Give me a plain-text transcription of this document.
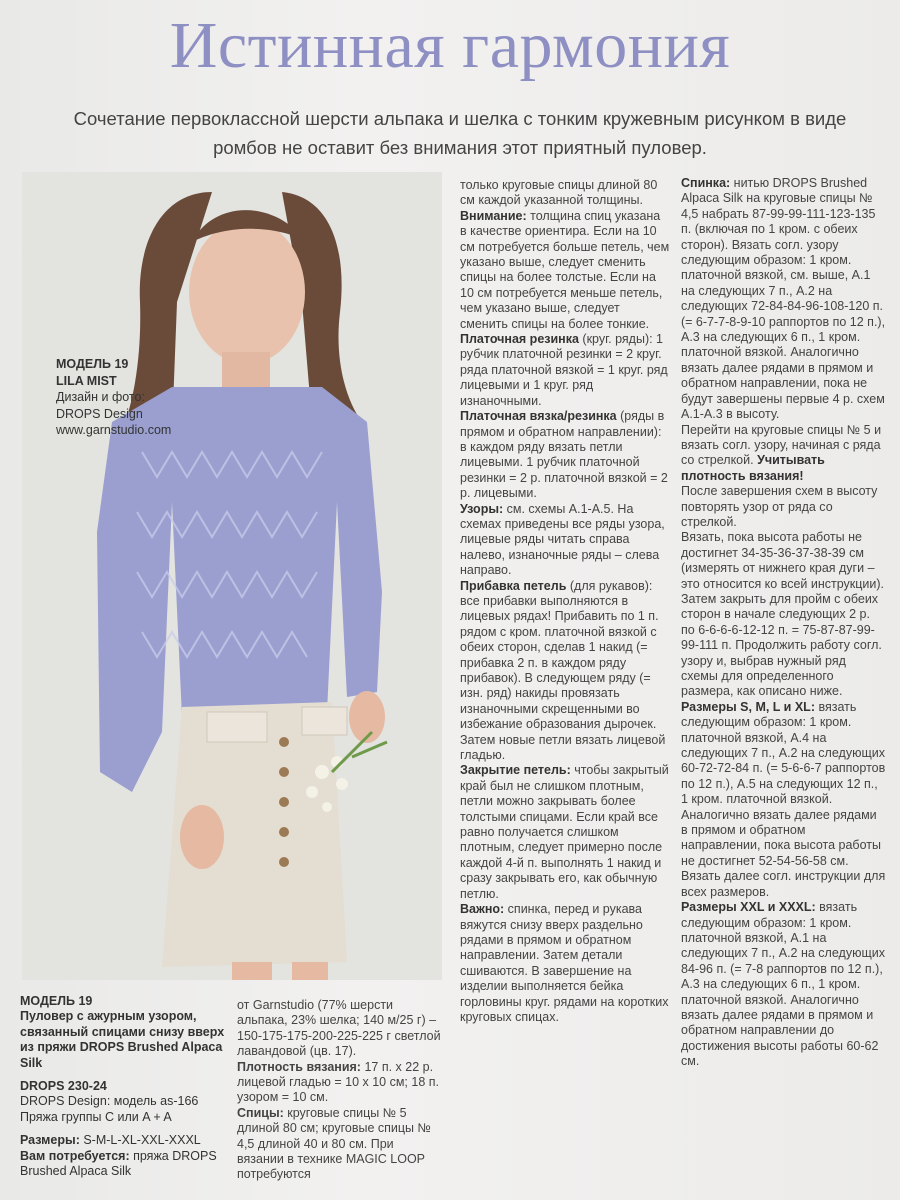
Истинная гармония
Сочетание первоклассной шерсти альпака и шелка с тонким кружевным рисунком в виде ромбов не оставит без внимания этот приятный пуловер.
МОДЕЛЬ 19
LILA MIST
Дизайн и фото:
DROPS Design
www.garnstudio.com

только круговые спицы длиной 80 см каждой указанной толщины.

Внимание: толщина спиц указана в качестве ориентира. Если на 10 см потребуется больше петель, чем указано выше, следует сменить спицы на более толстые. Если на 10 см потребуется меньше петель, чем указано выше, следует сменить спицы на более тонкие.

Платочная резинка (круг. ряды): 1 рубчик платочной резинки = 2 круг. ряда платочной вязкой = 1 круг. ряд лицевыми и 1 круг. ряд изнаночными.

Платочная вязка/резинка (ряды в прямом и обратном направлении): в каждом ряду вязать петли лицевыми. 1 рубчик платочной резинки = 2 р. платочной вязкой = 2 р. лицевыми.

Узоры: см. схемы А.1-А.5. На схемах приведены все ряды узора, лицевые ряды читать справа налево, изнаночные ряды – слева направо.

Прибавка петель (для рукавов): все прибавки выполняются в лицевых рядах! Прибавить по 1 п. рядом с кром. платочной вязкой с обеих сторон, сделав 1 накид (= прибавка 2 п. в каждом ряду прибавок). В следующем ряду (= изн. ряд) накиды провязать изнаночными скрещенными во избежание образования дырочек. Затем новые петли вязать лицевой гладью.

Закрытие петель: чтобы закрытый край был не слишком плотным, петли можно закрывать более толстыми спицами. Если край все равно получается слишком плотным, следует примерно после каждой 4-й п. выполнять 1 накид и сразу закрывать его, как обычную петлю.

Важно: спинка, перед и рукава вяжутся снизу вверх раздельно рядами в прямом и обратном направлении. Затем детали сшиваются. В завершение на изделии выполняется бейка горловины круг. рядами на коротких круговых спицах.

Спинка: нитью DROPS Brushed Alpaca Silk на круговые спицы № 4,5 набрать 87-99-99-111-123-135 п. (включая по 1 кром. с обеих сторон). Вязать согл. узору следующим образом: 1 кром. платочной вязкой, см. выше, А.1 на следующих 7 п., А.2 на следующих 72-84-84-96-108-120 п. (= 6-7-7-8-9-10 раппортов по 12 п.), А.3 на следующих 6 п., 1 кром. платочной вязкой. Аналогично вязать далее рядами в прямом и обратном направлении, пока не будут завершены первые 4 р. схем А.1-А.3 в высоту.

Перейти на круговые спицы № 5 и вязать согл. узору, начиная с ряда со стрелкой. Учитывать плотность вязания!

После завершения схем в высоту повторять узор от ряда со стрелкой.

Вязать, пока высота работы не достигнет 34-35-36-37-38-39 см (измерять от нижнего края дуги – это относится ко всей инструкции).

Затем закрыть для пройм с обеих сторон в начале следующих 2 р. по 6-6-6-6-12-12 п. = 75-87-87-99-99-111 п. Продолжить работу согл. узору и, выбрав нужный ряд схемы для определенного размера, как описано ниже.

Размеры S, M, L и XL: вязать следующим образом: 1 кром. платочной вязкой, А.4 на следующих 7 п., А.2 на следующих 60-72-72-84 п. (= 5-6-6-7 раппортов по 12 п.), А.5 на следующих 12 п., 1 кром. платочной вязкой. Аналогично вязать далее рядами в прямом и обратном направлении, пока высота работы не достигнет 52-54-56-58 см.

Вязать далее согл. инструкции для всех размеров.

Размеры XXL и XXXL: вязать следующим образом: 1 кром. платочной вязкой, А.1 на следующих 7 п., А.2 на следующих 84-96 п. (= 7-8 раппортов по 12 п.), А.3 на следующих 6 п., 1 кром. платочной вязкой. Аналогично вязать далее рядами в прямом и обратном направлении до достижения высоты работы 60-62 см.

МОДЕЛЬ 19

Пуловер с ажурным узором, связанный спицами снизу вверх из пряжи DROPS Brushed Alpaca Silk

DROPS 230-24

DROPS Design: модель as-166

Пряжа группы C или A + A

Размеры: S-M-L-XL-XXL-XXXL

Вам потребуется: пряжа DROPS Brushed Alpaca Silk

от Garnstudio (77% шерсти альпака, 23% шелка; 140 м/25 г) – 150-175-175-200-225-225 г светлой лавандовой (цв. 17).

Плотность вязания: 17 п. х 22 р. лицевой гладью = 10 х 10 см; 18 п. узором = 10 см.

Спицы: круговые спицы № 5 длиной 80 см; круговые спицы № 4,5 длиной 40 и 80 см. При вязании в технике MAGIC LOOP потребуются
